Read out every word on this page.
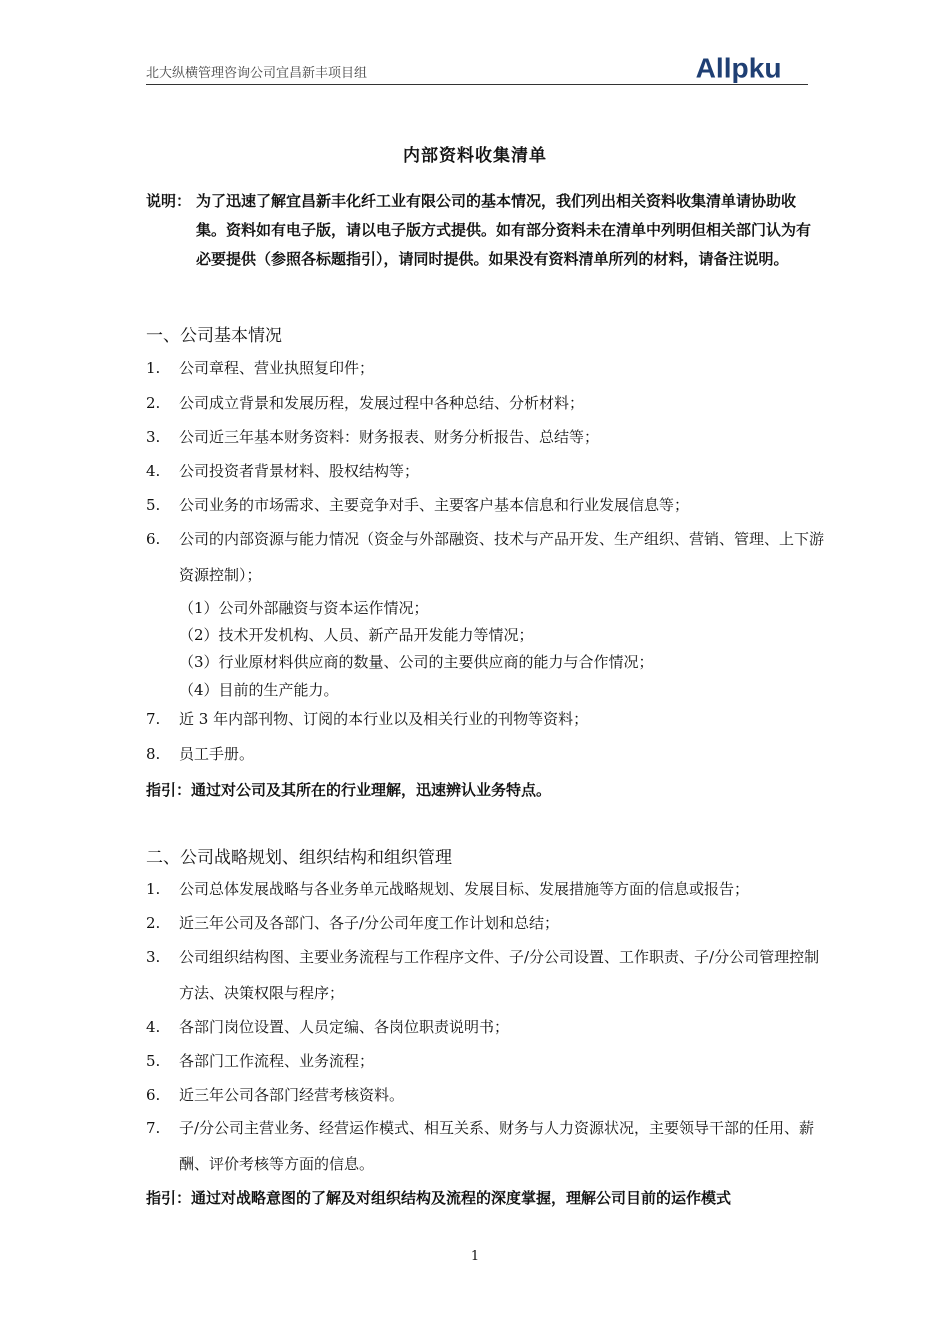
北大纵横管理咨询公司宜昌新丰项目组	Allpku
内部资料收集清单
说明： 为了迅速了解宜昌新丰化纤工业有限公司的基本情况，我们列出相关资料收集清单请协助收集。资料如有电子版，请以电子版方式提供。如有部分资料未在清单中列明但相关部门认为有必要提供（参照各标题指引），请同时提供。如果没有资料清单所列的材料，请备注说明。
一、公司基本情况
1. 公司章程、营业执照复印件；
2. 公司成立背景和发展历程，发展过程中各种总结、分析材料；
3. 公司近三年基本财务资料：财务报表、财务分析报告、总结等；
4. 公司投资者背景材料、股权结构等；
5. 公司业务的市场需求、主要竞争对手、主要客户基本信息和行业发展信息等；
6. 公司的内部资源与能力情况（资金与外部融资、技术与产品开发、生产组织、营销、管理、上下游资源控制）；
（1）公司外部融资与资本运作情况；
（2）技术开发机构、人员、新产品开发能力等情况；
（3）行业原材料供应商的数量、公司的主要供应商的能力与合作情况；
（4）目前的生产能力。
7. 近 3 年内部刊物、订阅的本行业以及相关行业的刊物等资料；
8. 员工手册。
指引：通过对公司及其所在的行业理解，迅速辨认业务特点。
二、公司战略规划、组织结构和组织管理
1. 公司总体发展战略与各业务单元战略规划、发展目标、发展措施等方面的信息或报告；
2. 近三年公司及各部门、各子/分公司年度工作计划和总结；
3. 公司组织结构图、主要业务流程与工作程序文件、子/分公司设置、工作职责、子/分公司管理控制方法、决策权限与程序；
4. 各部门岗位设置、人员定编、各岗位职责说明书；
5. 各部门工作流程、业务流程；
6. 近三年公司各部门经营考核资料。
7. 子/分公司主营业务、经营运作模式、相互关系、财务与人力资源状况，主要领导干部的任用、薪酬、评价考核等方面的信息。
指引：通过对战略意图的了解及对组织结构及流程的深度掌握，理解公司目前的运作模式
1
